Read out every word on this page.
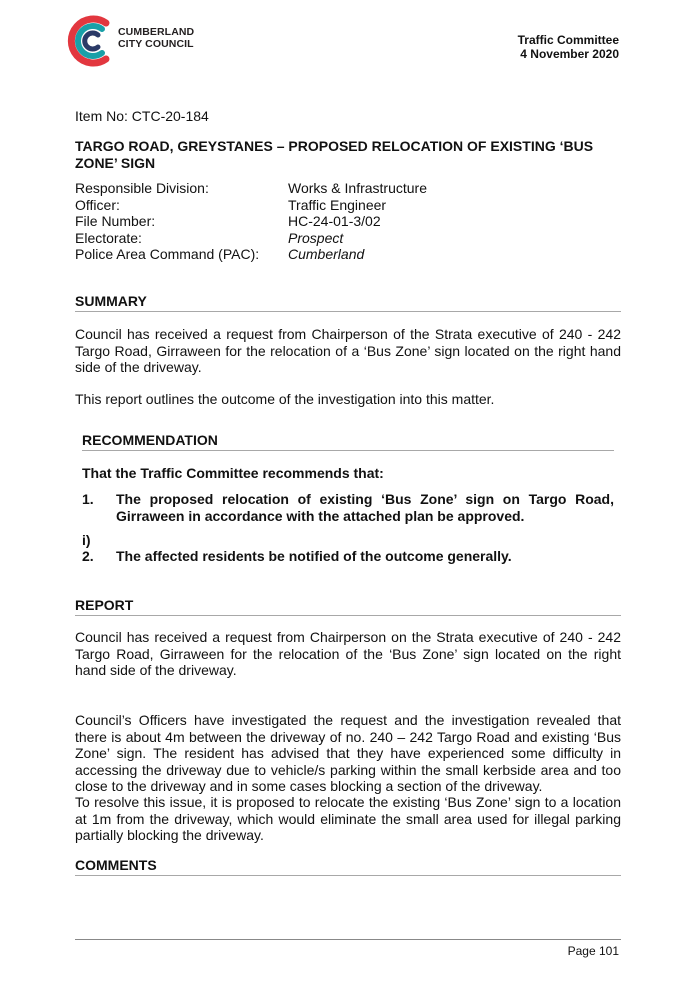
CUMBERLAND
CITY COUNCIL	Traffic Committee
4 November 2020
Item No: CTC-20-184
TARGO ROAD, GREYSTANES – PROPOSED RELOCATION OF EXISTING ‘BUS ZONE’ SIGN
Responsible Division:	Works & Infrastructure
Officer:	Traffic Engineer
File Number:	HC-24-01-3/02
Electorate:	Prospect
Police Area Command (PAC):	Cumberland
SUMMARY
Council has received a request from Chairperson of the Strata executive of 240 - 242 Targo Road, Girraween for the relocation of a ‘Bus Zone’ sign located on the right hand side of the driveway.
This report outlines the outcome of the investigation into this matter.
RECOMMENDATION
That the Traffic Committee recommends that:
1.	The proposed relocation of existing ‘Bus Zone’ sign on Targo Road, Girraween in accordance with the attached plan be approved.
i)
2.	The affected residents be notified of the outcome generally.
REPORT
Council has received a request from Chairperson on the Strata executive of 240 - 242 Targo Road, Girraween for the relocation of the ‘Bus Zone’ sign located on the right hand side of the driveway.
Council’s Officers have investigated the request and the investigation revealed that there is about 4m between the driveway of no. 240 – 242 Targo Road and existing ‘Bus Zone’ sign. The resident has advised that they have experienced some difficulty in accessing the driveway due to vehicle/s parking within the small kerbside area and too close to the driveway and in some cases blocking a section of the driveway.
To resolve this issue, it is proposed to relocate the existing ‘Bus Zone’ sign to a location at 1m from the driveway, which would eliminate the small area used for illegal parking partially blocking the driveway.
COMMENTS
Page 101
